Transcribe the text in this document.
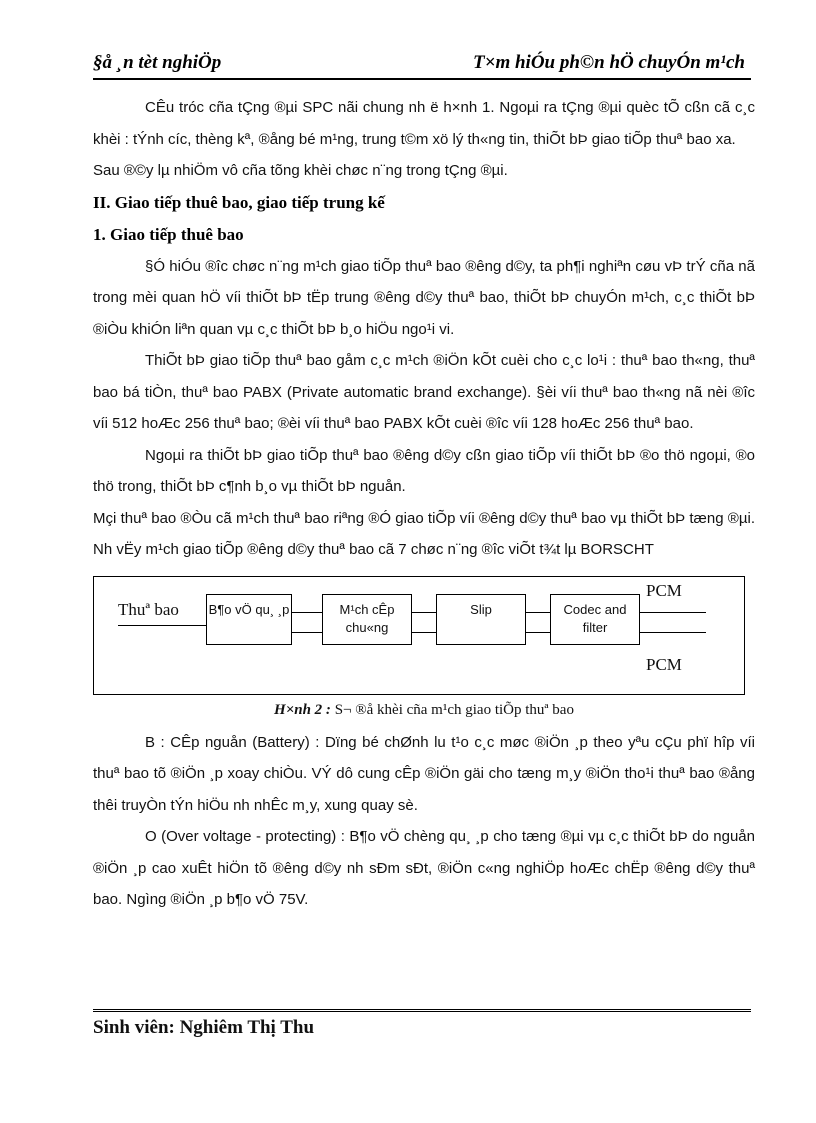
§å ¸n tèt nghiÖp	T×m hiÓu ph©n hÖ chuyÓn m¹ch

CÊu tróc cña tÇng ®µi SPC nãi chung nh ë h×nh 1. Ngoµi ra tÇng ®µi quèc tÕ cßn cã c¸c khèi : tÝnh cíc, thèng kª, ®ång bé m¹ng, trung t©m xö lý th«ng tin, thiÕt bÞ giao tiÕp thuª bao xa.

Sau ®©y lµ nhiÖm vô cña tõng khèi chøc n¨ng trong tÇng ®µi.

II. Giao tiếp thuê bao, giao tiếp trung kế

1. Giao tiếp thuê bao

§Ó hiÓu ®îc chøc n¨ng m¹ch giao tiÕp thuª bao ®êng d©y, ta ph¶i nghiªn cøu vÞ trÝ cña nã trong mèi quan hÖ víi thiÕt bÞ tËp trung ®êng d©y thuª bao, thiÕt bÞ chuyÓn m¹ch, c¸c thiÕt bÞ ®iÒu khiÓn liªn quan vµ c¸c thiÕt bÞ b¸o hiÖu ngo¹i vi.

ThiÕt bÞ giao tiÕp thuª bao gåm c¸c m¹ch ®iÖn kÕt cuèi cho c¸c lo¹i : thuª bao th«ng, thuª bao bá tiÒn, thuª bao PABX (Private automatic brand exchange). §èi víi thuª bao th«ng nã nèi ®îc víi 512 hoÆc 256 thuª bao; ®èi víi thuª bao PABX kÕt cuèi ®îc víi 128 hoÆc 256 thuª bao.

Ngoµi ra thiÕt bÞ giao tiÕp thuª bao ®êng d©y cßn giao tiÕp víi thiÕt bÞ ®o thö ngoµi, ®o thö trong, thiÕt bÞ c¶nh b¸o vµ thiÕt bÞ nguån.

Mçi thuª bao ®Òu cã m¹ch thuª bao riªng ®Ó giao tiÕp víi ®êng d©y thuª bao vµ thiÕt bÞ tæng ®µi. Nh vËy m¹ch giao tiÕp ®êng d©y thuª bao cã 7 chøc n¨ng ®îc viÕt t¾t lµ BORSCHT

Thuª bao B¶o vÖ qu¸ ¸p	M¹ch cÊp chu«ng
Slip	Codec and filter
PCM
PCM

H×nh 2 : S¬ ®å khèi cña m¹ch giao tiÕp thuª bao

B : CÊp nguån (Battery) : Dïng bé chØnh lu t¹o c¸c møc ®iÖn ¸p theo yªu cÇu phï hîp víi thuª bao tõ ®iÖn ¸p xoay chiÒu. VÝ dô cung cÊp ®iÖn gäi cho tæng m¸y ®iÖn tho¹i thuª bao ®ång thêi truyÒn tÝn hiÖu nh nhÊc m¸y, xung quay sè.

O (Over voltage - protecting) : B¶o vÖ chèng qu¸ ¸p cho tæng ®µi vµ c¸c thiÕt bÞ do nguån ®iÖn ¸p cao xuÊt hiÖn tõ ®êng d©y nh sÐm sÐt, ®iÖn c«ng nghiÖp hoÆc chËp ®êng d©y thuª bao. Ngìng ®iÖn ¸p b¶o vÖ 75V.

Sinh viên: Nghiêm Thị Thu
